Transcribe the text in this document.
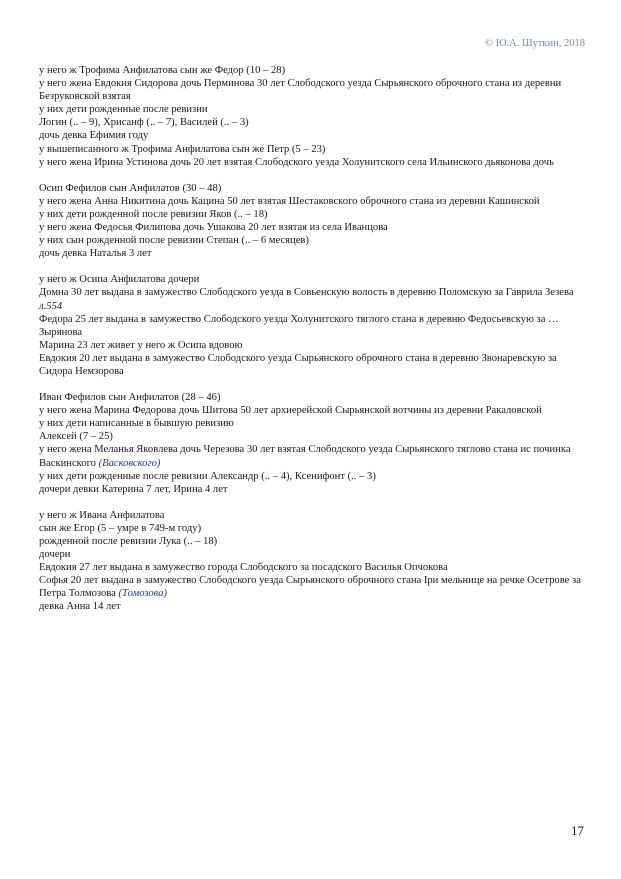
© Ю.А. Шуткин, 2018
у него ж Трофима Анфилатова сын же Федор (10 – 28)
у него жена Евдокия Сидорова дочь Перминова 30 лет Слободского уезда Сырьянского оброчного стана из деревни Безруковской взятая
у них дети рожденные после ревизии
Логин (.. – 9), Хрисанф (.. – 7), Василей (.. – 3)
дочь девка Ефимия году
у вышеписанного ж Трофима Анфилатова сын же Петр (5 – 23)
у него жена Ирина Устинова дочь 20 лет взятая Слободского уезда Холунитского села Ильинского дьяконова дочь
Осип Фефилов сын Анфилатов (30 – 48)
у него жена Анна Никитина дочь Кацина 50 лет взятая Шестаковского оброчного стана из деревни Кашинской
у них дети рожденной после ревизии Яков (.. – 18)
у него жена Федосья Филипова дочь Ушакова 20 лет взятая из села Иванцова
у них сын рожденной после ревизии Степан (.. – 6 месяцев)
дочь девка Наталья 3 лет
у него ж Осипа Анфилатова дочери
Домна 30 лет выдана в замужество Слободского уезда в Совьенскую волость в деревню Поломскую за Гаврила Зезева
л.554
Федора 25 лет выдана в замужество Слободского уезда Холунитского тяглого стана в деревню Федосьевскую за … Зырянова
Марина 23 лет живет у него ж Осипа вдовою
Евдокия 20 лет выдана в замужество Слободского уезда Сырьянского оброчного стана в деревню Звонаревскую за Сидора Немзорова
Иван Фефилов сын Анфилатов (28 – 46)
у него жена Марина Федорова дочь Шитова 50 лет архиерейской Сырьянской вотчины из деревни Ракаловской
у них дети написанные в бывшую ревизию
Алексей (7 – 25)
у него жена Меланья Яковлева дочь Черезова 30 лет взятая Слободского уезда Сырьянского тяглово стана ис починка Васкинского (Васковского)
у них дети рожденные после ревизии Александр (.. – 4), Ксенифонт (.. – 3)
дочери девки Катерина 7 лет, Ирина 4 лет
у него ж Ивана Анфилатова
сын же Егор (5 – умре в 749-м году)
рожденной после ревизии Лука (.. – 18)
дочери
Евдокия 27 лет выдана в замужество города Слободского за посадского Василья Опчокова
Софья 20 лет выдана в замужество Слободского уезда Сырьянского оброчного стана Iри мельнице на речке Осетрове за Петра Толмозова (Томозова)
девка Анна 14 лет
17
